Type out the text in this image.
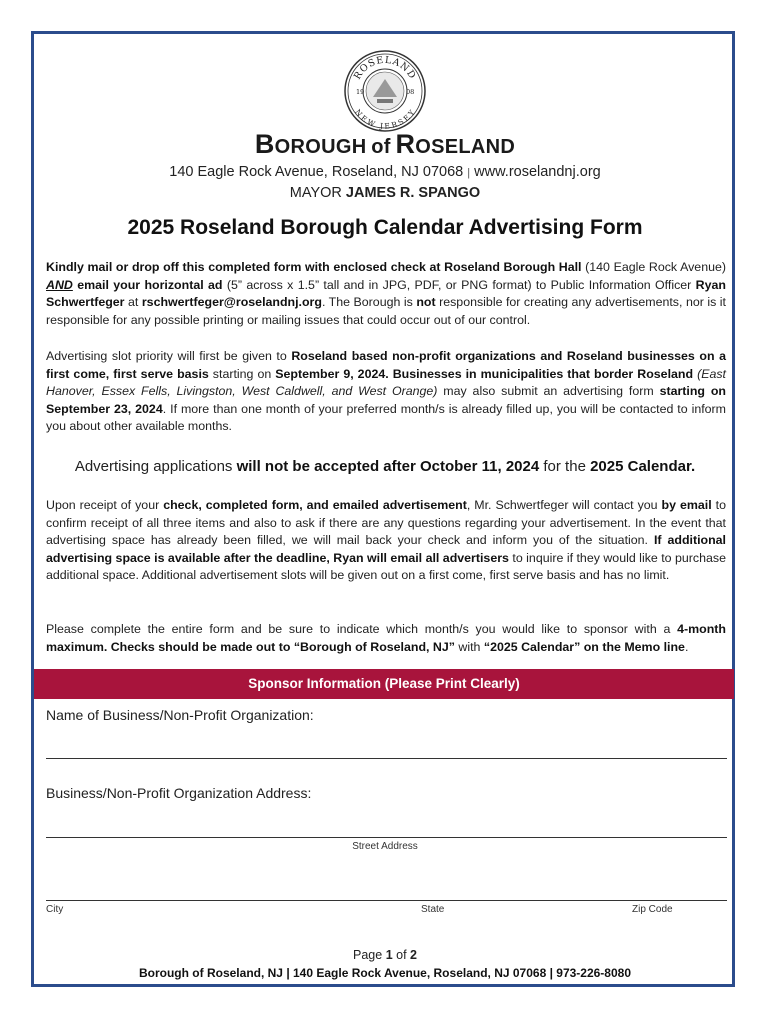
ROSELAND
NEW JERSEY
19	08
BOROUGH of ROSELAND
140 Eagle Rock Avenue, Roseland, NJ 07068 | www.roselandnj.org
MAYOR JAMES R. SPANGO
2025 Roseland Borough Calendar Advertising Form

Kindly mail or drop off this completed form with enclosed check at Roseland Borough Hall (140 Eagle Rock Avenue) AND email your horizontal ad (5” across x 1.5” tall and in JPG, PDF, or PNG format) to Public Information Officer Ryan Schwertfeger at rschwertfeger@roselandnj.org. The Borough is not responsible for creating any advertisements, nor is it responsible for any possible printing or mailing issues that could occur out of our control.

Advertising slot priority will first be given to Roseland based non-profit organizations and Roseland businesses on a first come, first serve basis starting on September 9, 2024. Businesses in municipalities that border Roseland (East Hanover, Essex Fells, Livingston, West Caldwell, and West Orange) may also submit an advertising form starting on September 23, 2024. If more than one month of your preferred month/s is already filled up, you will be contacted to inform you about other available months.

Advertising applications will not be accepted after October 11, 2024 for the 2025 Calendar.

Upon receipt of your check, completed form, and emailed advertisement, Mr. Schwertfeger will contact you by email to confirm receipt of all three items and also to ask if there are any questions regarding your advertisement. In the event that advertising space has already been filled, we will mail back your check and inform you of the situation. If additional advertising space is available after the deadline, Ryan will email all advertisers to inquire if they would like to purchase additional space. Additional advertisement slots will be given out on a first come, first serve basis and has no limit.

Please complete the entire form and be sure to indicate which month/s you would like to sponsor with a 4-month maximum. Checks should be made out to “Borough of Roseland, NJ” with “2025 Calendar” on the Memo line.

Sponsor Information (Please Print Clearly)
Name of Business/Non-Profit Organization:
Business/Non-Profit Organization Address:
Street Address
City	State	Zip Code
Page 1 of 2
Borough of Roseland, NJ | 140 Eagle Rock Avenue, Roseland, NJ 07068 | 973-226-8080
